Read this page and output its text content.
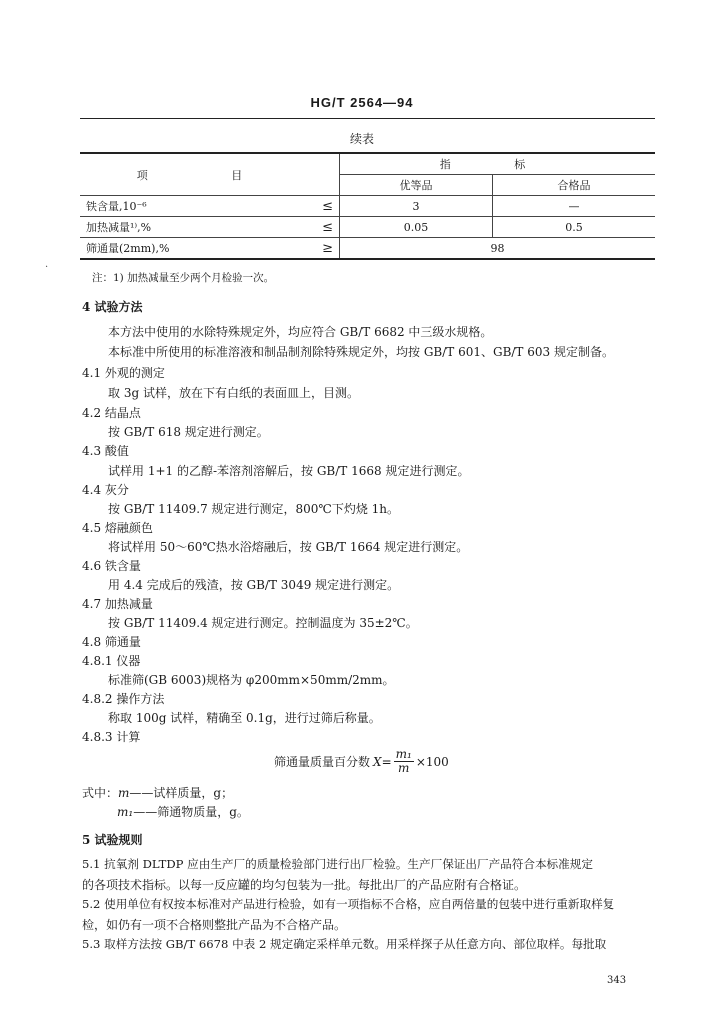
HG/T 2564—94
续表
项 目		指 标	
		优等品	合格品
铁含量,10⁻⁶	≤	3	—
加热减量¹⁾,%	≤	0.05	0.5
筛通量(2mm),%	≥	98	
注：1) 加热减量至少两个月检验一次。
4 试验方法
本方法中使用的水除特殊规定外，均应符合 GB/T 6682 中三级水规格。
本标准中所使用的标准溶液和制品制剂除特殊规定外，均按 GB/T 601、GB/T 603 规定制备。
4.1 外观的测定
取 3g 试样，放在下有白纸的表面皿上，目测。
4.2 结晶点
按 GB/T 618 规定进行测定。
4.3 酸值
试样用 1+1 的乙醇-苯溶剂溶解后，按 GB/T 1668 规定进行测定。
4.4 灰分
按 GB/T 11409.7 规定进行测定，800℃下灼烧 1h。
4.5 熔融颜色
将试样用 50～60℃热水浴熔融后，按 GB/T 1664 规定进行测定。
4.6 铁含量
用 4.4 完成后的残渣，按 GB/T 3049 规定进行测定。
4.7 加热减量
按 GB/T 11409.4 规定进行测定。控制温度为 35±2℃。
4.8 筛通量
4.8.1 仪器
标准筛(GB 6003)规格为 φ200mm×50mm/2mm。
4.8.2 操作方法
称取 100g 试样，精确至 0.1g，进行过筛后称量。
4.8.3 计算
筛通量质量百分数 $X = \frac{\text{m₁}}{m} \times 100$
式中：m——试样质量，g；
m₁——筛通物质量，g。
5 试验规则
5.1 抗氧剂 DLTDP 应由生产厂的质量检验部门进行出厂检验。生产厂保证出厂产品符合本标准规定
的各项技术指标。以每一反应罐的均匀包装为一批。每批出厂的产品应附有合格证。
5.2 使用单位有权按本标准对产品进行检验，如有一项指标不合格，应自两倍量的包装中进行重新取样复
检，如仍有一项不合格则整批产品为不合格产品。
5.3 取样方法按 GB/T 6678 中表 2 规定确定采样单元数。用采样探子从任意方向、部位取样。每批取
343
·
